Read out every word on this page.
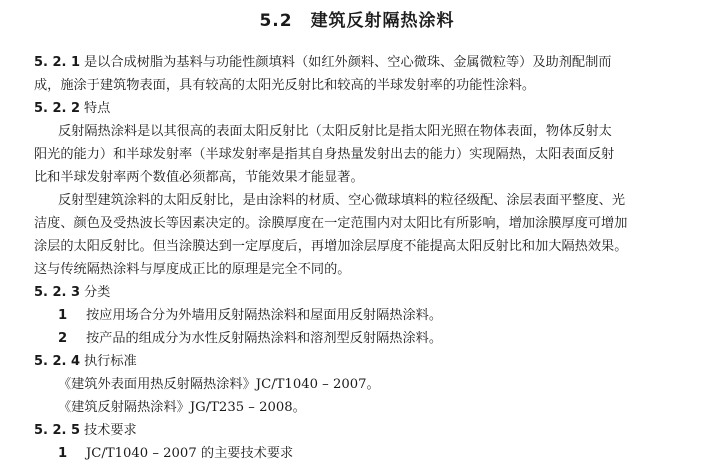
5.2 建筑反射隔热涂料
5. 2. 1 是以合成树脂为基料与功能性颜填料（如红外颜料、空心微珠、金属微粒等）及助剂配制而
成，施涂于建筑物表面，具有较高的太阳光反射比和较高的半球发射率的功能性涂料。
5. 2. 2 特点
反射隔热涂料是以其很高的表面太阳反射比（太阳反射比是指太阳光照在物体表面，物体反射太
阳光的能力）和半球发射率（半球发射率是指其自身热量发射出去的能力）实现隔热，太阳表面反射
比和半球发射率两个数值必须都高，节能效果才能显著。
反射型建筑涂料的太阳反射比，是由涂料的材质、空心微球填料的粒径级配、涂层表面平整度、光
洁度、颜色及受热波长等因素决定的。涂膜厚度在一定范围内对太阳比有所影响，增加涂膜厚度可增加
涂层的太阳反射比。但当涂膜达到一定厚度后，再增加涂层厚度不能提高太阳反射比和加大隔热效果。
这与传统隔热涂料与厚度成正比的原理是完全不同的。
5. 2. 3 分类
1 按应用场合分为外墙用反射隔热涂料和屋面用反射隔热涂料。
2 按产品的组成分为水性反射隔热涂料和溶剂型反射隔热涂料。
5. 2. 4 执行标准
《建筑外表面用热反射隔热涂料》JC/T1040 – 2007。
《建筑反射隔热涂料》JG/T235 – 2008。
5. 2. 5 技术要求
1 JC/T1040 – 2007 的主要技术要求
